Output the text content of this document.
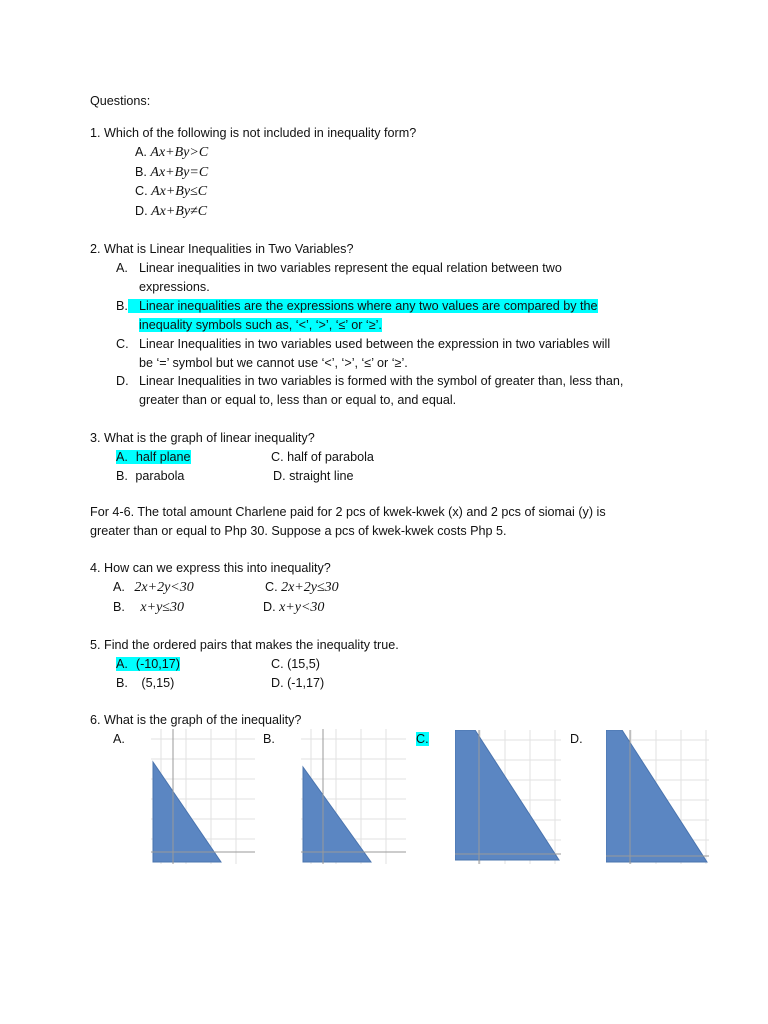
Questions:
1. Which of the following is not included in inequality form?
A. Ax+By>C
B. Ax+By=C
C. Ax+By≤C
D. Ax+By≠C
2. What is Linear Inequalities in Two Variables?
A. Linear inequalities in two variables represent the equal relation between two
expressions.
B. Linear inequalities are the expressions where any two values are compared by the
inequality symbols such as, ‘<’, ‘>’, ‘≤’ or ‘≥’.
C. Linear Inequalities in two variables used between the expression in two variables will
be ‘=’ symbol but we cannot use ‘<’, ‘>’, ‘≤’ or ‘≥’.
D. Linear Inequalities in two variables is formed with the symbol of greater than, less than,
greater than or equal to, less than or equal to, and equal.
3. What is the graph of linear inequality?
A. half plane	C. half of parabola
B. parabola	D. straight line
For 4-6. The total amount Charlene paid for 2 pcs of kwek-kwek (x) and 2 pcs of siomai (y) is
greater than or equal to Php 30. Suppose a pcs of kwek-kwek costs Php 5.
4. How can we express this into inequality?
A. 2x+2y<30	C. 2x+2y≤30
B. x+y≤30	D. x+y<30
5. Find the ordered pairs that makes the inequality true.
A. (-10,17)	C. (15,5)
B. (5,15)	D. (-1,17)
6. What is the graph of the inequality?
A.	B.	C.	D.
